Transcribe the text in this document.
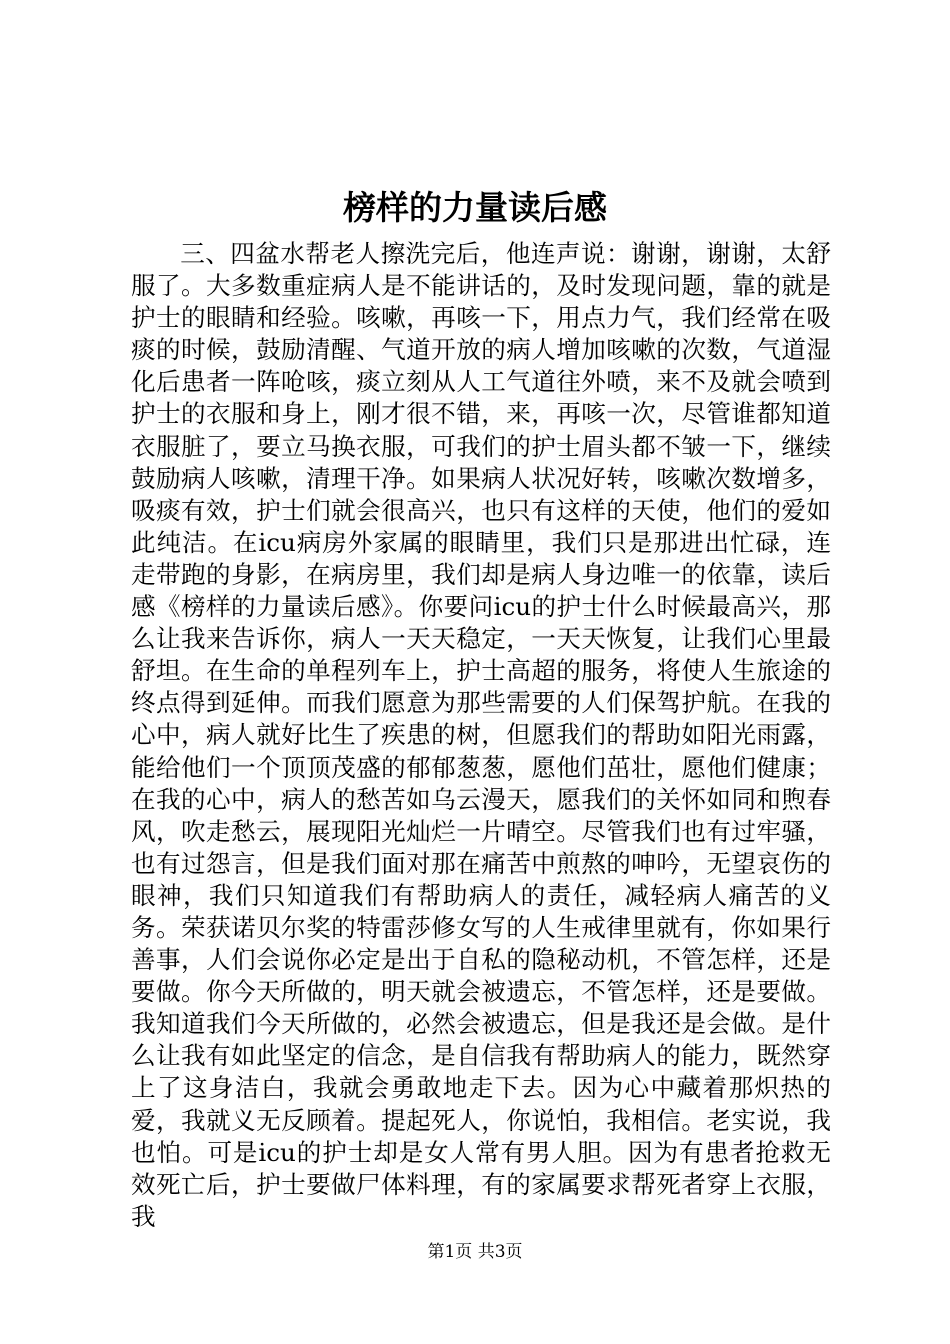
榜样的力量读后感

三、四盆水帮老人擦洗完后，他连声说：谢谢，谢谢，太舒服了。大多数重症病人是不能讲话的，及时发现问题，靠的就是护士的眼睛和经验。咳嗽，再咳一下，用点力气，我们经常在吸痰的时候，鼓励清醒、气道开放的病人增加咳嗽的次数，气道湿化后患者一阵呛咳，痰立刻从人工气道往外喷，来不及就会喷到护士的衣服和身上，刚才很不错，来，再咳一次，尽管谁都知道衣服脏了，要立马换衣服，可我们的护士眉头都不皱一下，继续鼓励病人咳嗽，清理干净。如果病人状况好转，咳嗽次数增多，吸痰有效，护士们就会很高兴，也只有这样的天使，他们的爱如此纯洁。在icu病房外家属的眼睛里，我们只是那进出忙碌，连走带跑的身影，在病房里，我们却是病人身边唯一的依靠，读后感《榜样的力量读后感》。你要问icu的护士什么时候最高兴，那么让我来告诉你，病人一天天稳定，一天天恢复，让我们心里最舒坦。在生命的单程列车上，护士高超的服务，将使人生旅途的终点得到延伸。而我们愿意为那些需要的人们保驾护航。在我的心中，病人就好比生了疾患的树，但愿我们的帮助如阳光雨露，能给他们一个顶顶茂盛的郁郁葱葱，愿他们茁壮，愿他们健康；在我的心中，病人的愁苦如乌云漫天，愿我们的关怀如同和煦春风，吹走愁云，展现阳光灿烂一片晴空。尽管我们也有过牢骚，也有过怨言，但是我们面对那在痛苦中煎熬的呻吟，无望哀伤的眼神，我们只知道我们有帮助病人的责任，减轻病人痛苦的义务。荣获诺贝尔奖的特雷莎修女写的人生戒律里就有，你如果行善事，人们会说你必定是出于自私的隐秘动机，不管怎样，还是要做。你今天所做的，明天就会被遗忘，不管怎样，还是要做。我知道我们今天所做的，必然会被遗忘，但是我还是会做。是什么让我有如此坚定的信念，是自信我有帮助病人的能力，既然穿上了这身洁白，我就会勇敢地走下去。因为心中藏着那炽热的爱，我就义无反顾着。提起死人，你说怕，我相信。老实说，我也怕。可是icu的护士却是女人常有男人胆。因为有患者抢救无效死亡后，护士要做尸体料理，有的家属要求帮死者穿上衣服，我

第1页 共3页
